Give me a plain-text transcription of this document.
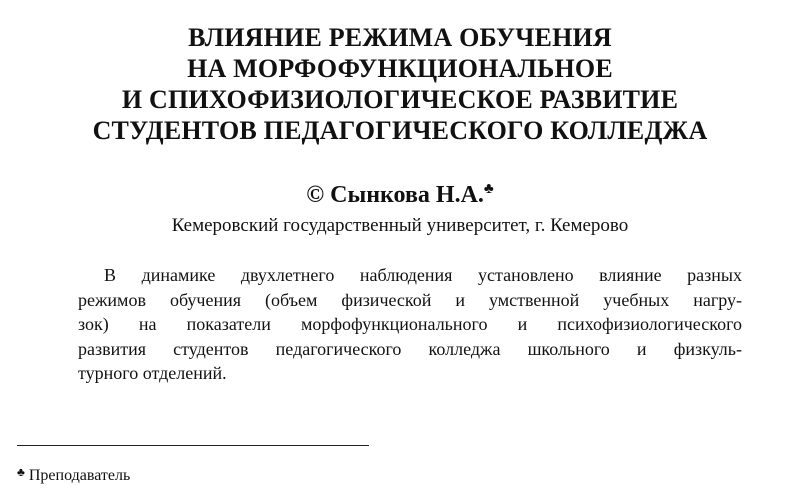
ВЛИЯНИЕ РЕЖИМА ОБУЧЕНИЯ
НА МОРФОФУНКЦИОНАЛЬНОЕ
И СПИХОФИЗИОЛОГИЧЕСКОЕ РАЗВИТИЕ
СТУДЕНТОВ ПЕДАГОГИЧЕСКОГО КОЛЛЕДЖА
© Сынкова Н.А.♣
Кемеровский государственный университет, г. Кемерово
В динамике двухлетнего наблюдения установлено влияние разных
режимов обучения (объем физической и умственной учебных нагру-
зок) на показатели морфофункционального и психофизиологического
развития студентов педагогического колледжа школьного и физкуль-
турного отделений.
♣ Преподаватель
